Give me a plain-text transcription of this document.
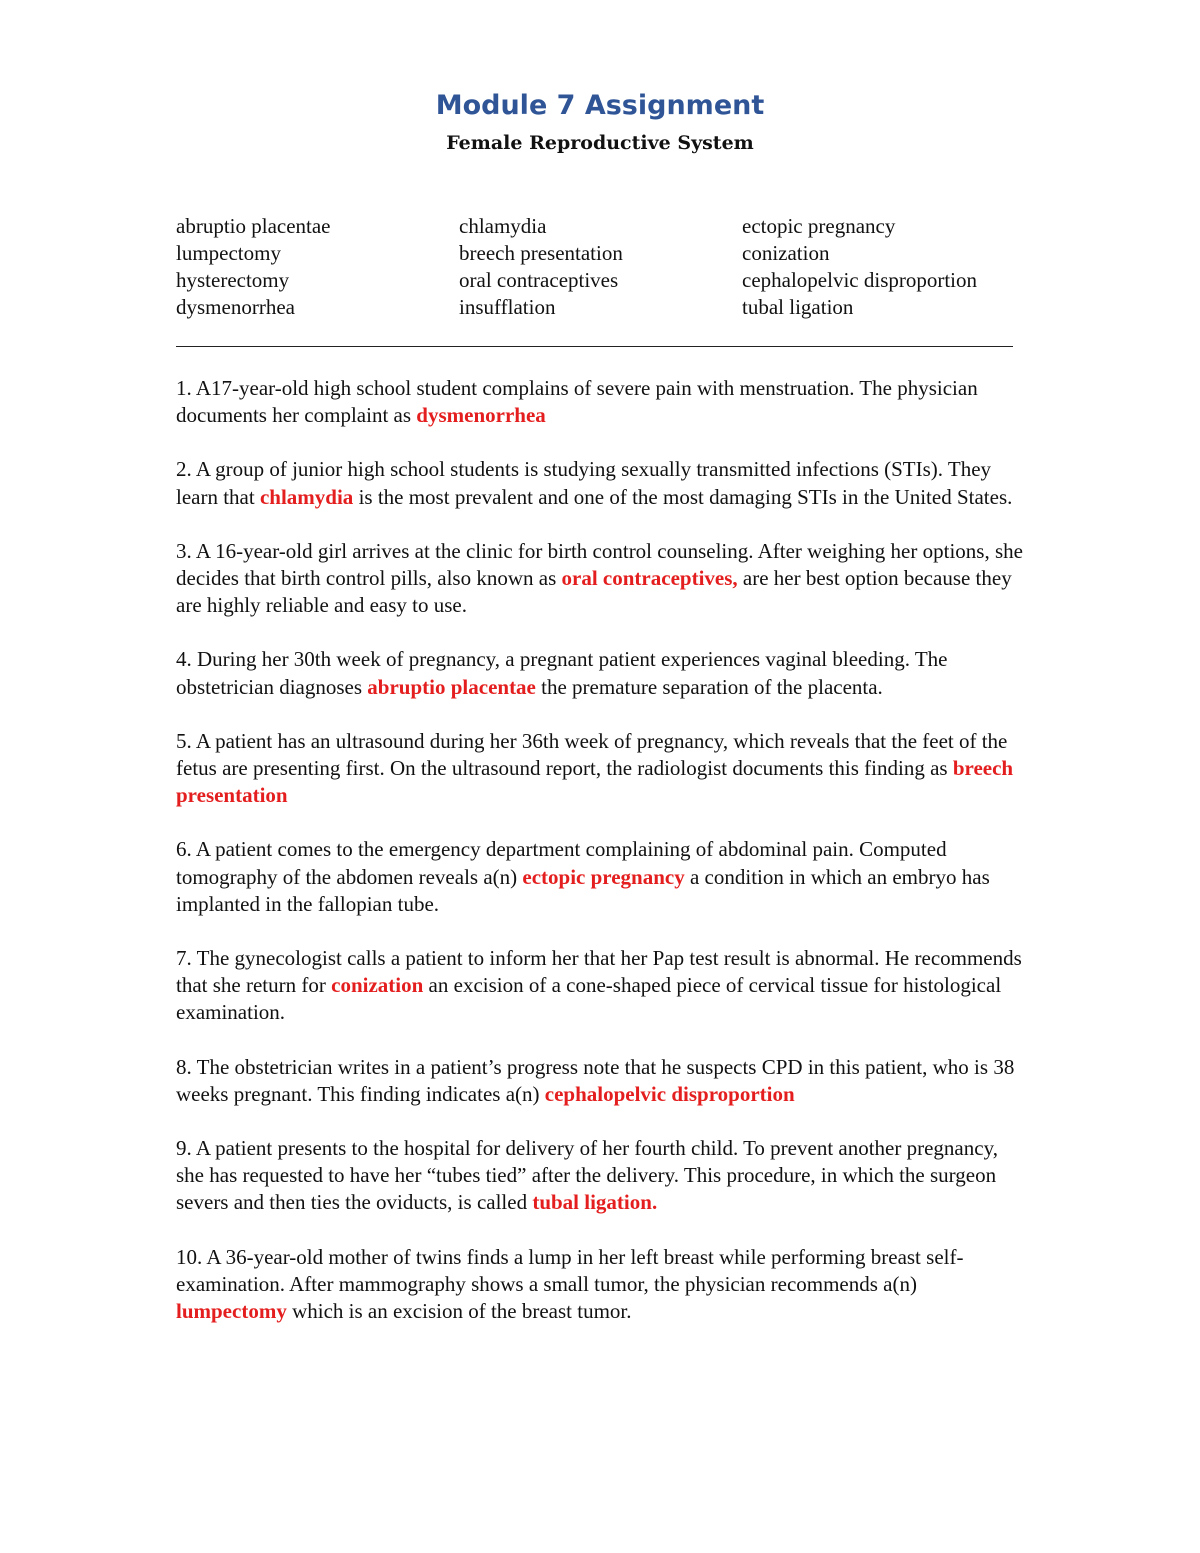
Module 7 Assignment
Female Reproductive System
abruptio placentae
lumpectomy
hysterectomy
dysmenorrhea
chlamydia
breech presentation
oral contraceptives
insufflation
ectopic pregnancy
conization
cephalopelvic disproportion
tubal ligation

1. A17-year-old high school student complains of severe pain with menstruation. The physician documents her complaint as dysmenorrhea

2. A group of junior high school students is studying sexually transmitted infections (STIs). They learn that chlamydia is the most prevalent and one of the most damaging STIs in the United States.

3. A 16-year-old girl arrives at the clinic for birth control counseling. After weighing her options, she decides that birth control pills, also known as oral contraceptives, are her best option because they are highly reliable and easy to use.

4. During her 30th week of pregnancy, a pregnant patient experiences vaginal bleeding. The obstetrician diagnoses abruptio placentae the premature separation of the placenta.

5. A patient has an ultrasound during her 36th week of pregnancy, which reveals that the feet of the fetus are presenting first. On the ultrasound report, the radiologist documents this finding as breech presentation

6. A patient comes to the emergency department complaining of abdominal pain. Computed tomography of the abdomen reveals a(n) ectopic pregnancy a condition in which an embryo has implanted in the fallopian tube.

7. The gynecologist calls a patient to inform her that her Pap test result is abnormal. He recommends that she return for conization an excision of a cone-shaped piece of cervical tissue for histological examination.

8. The obstetrician writes in a patient’s progress note that he suspects CPD in this patient, who is 38 weeks pregnant. This finding indicates a(n) cephalopelvic disproportion

9. A patient presents to the hospital for delivery of her fourth child. To prevent another pregnancy, she has requested to have her “tubes tied” after the delivery. This procedure, in which the surgeon severs and then ties the oviducts, is called tubal ligation.

10. A 36-year-old mother of twins finds a lump in her left breast while performing breast self-examination. After mammography shows a small tumor, the physician recommends a(n) lumpectomy which is an excision of the breast tumor.
